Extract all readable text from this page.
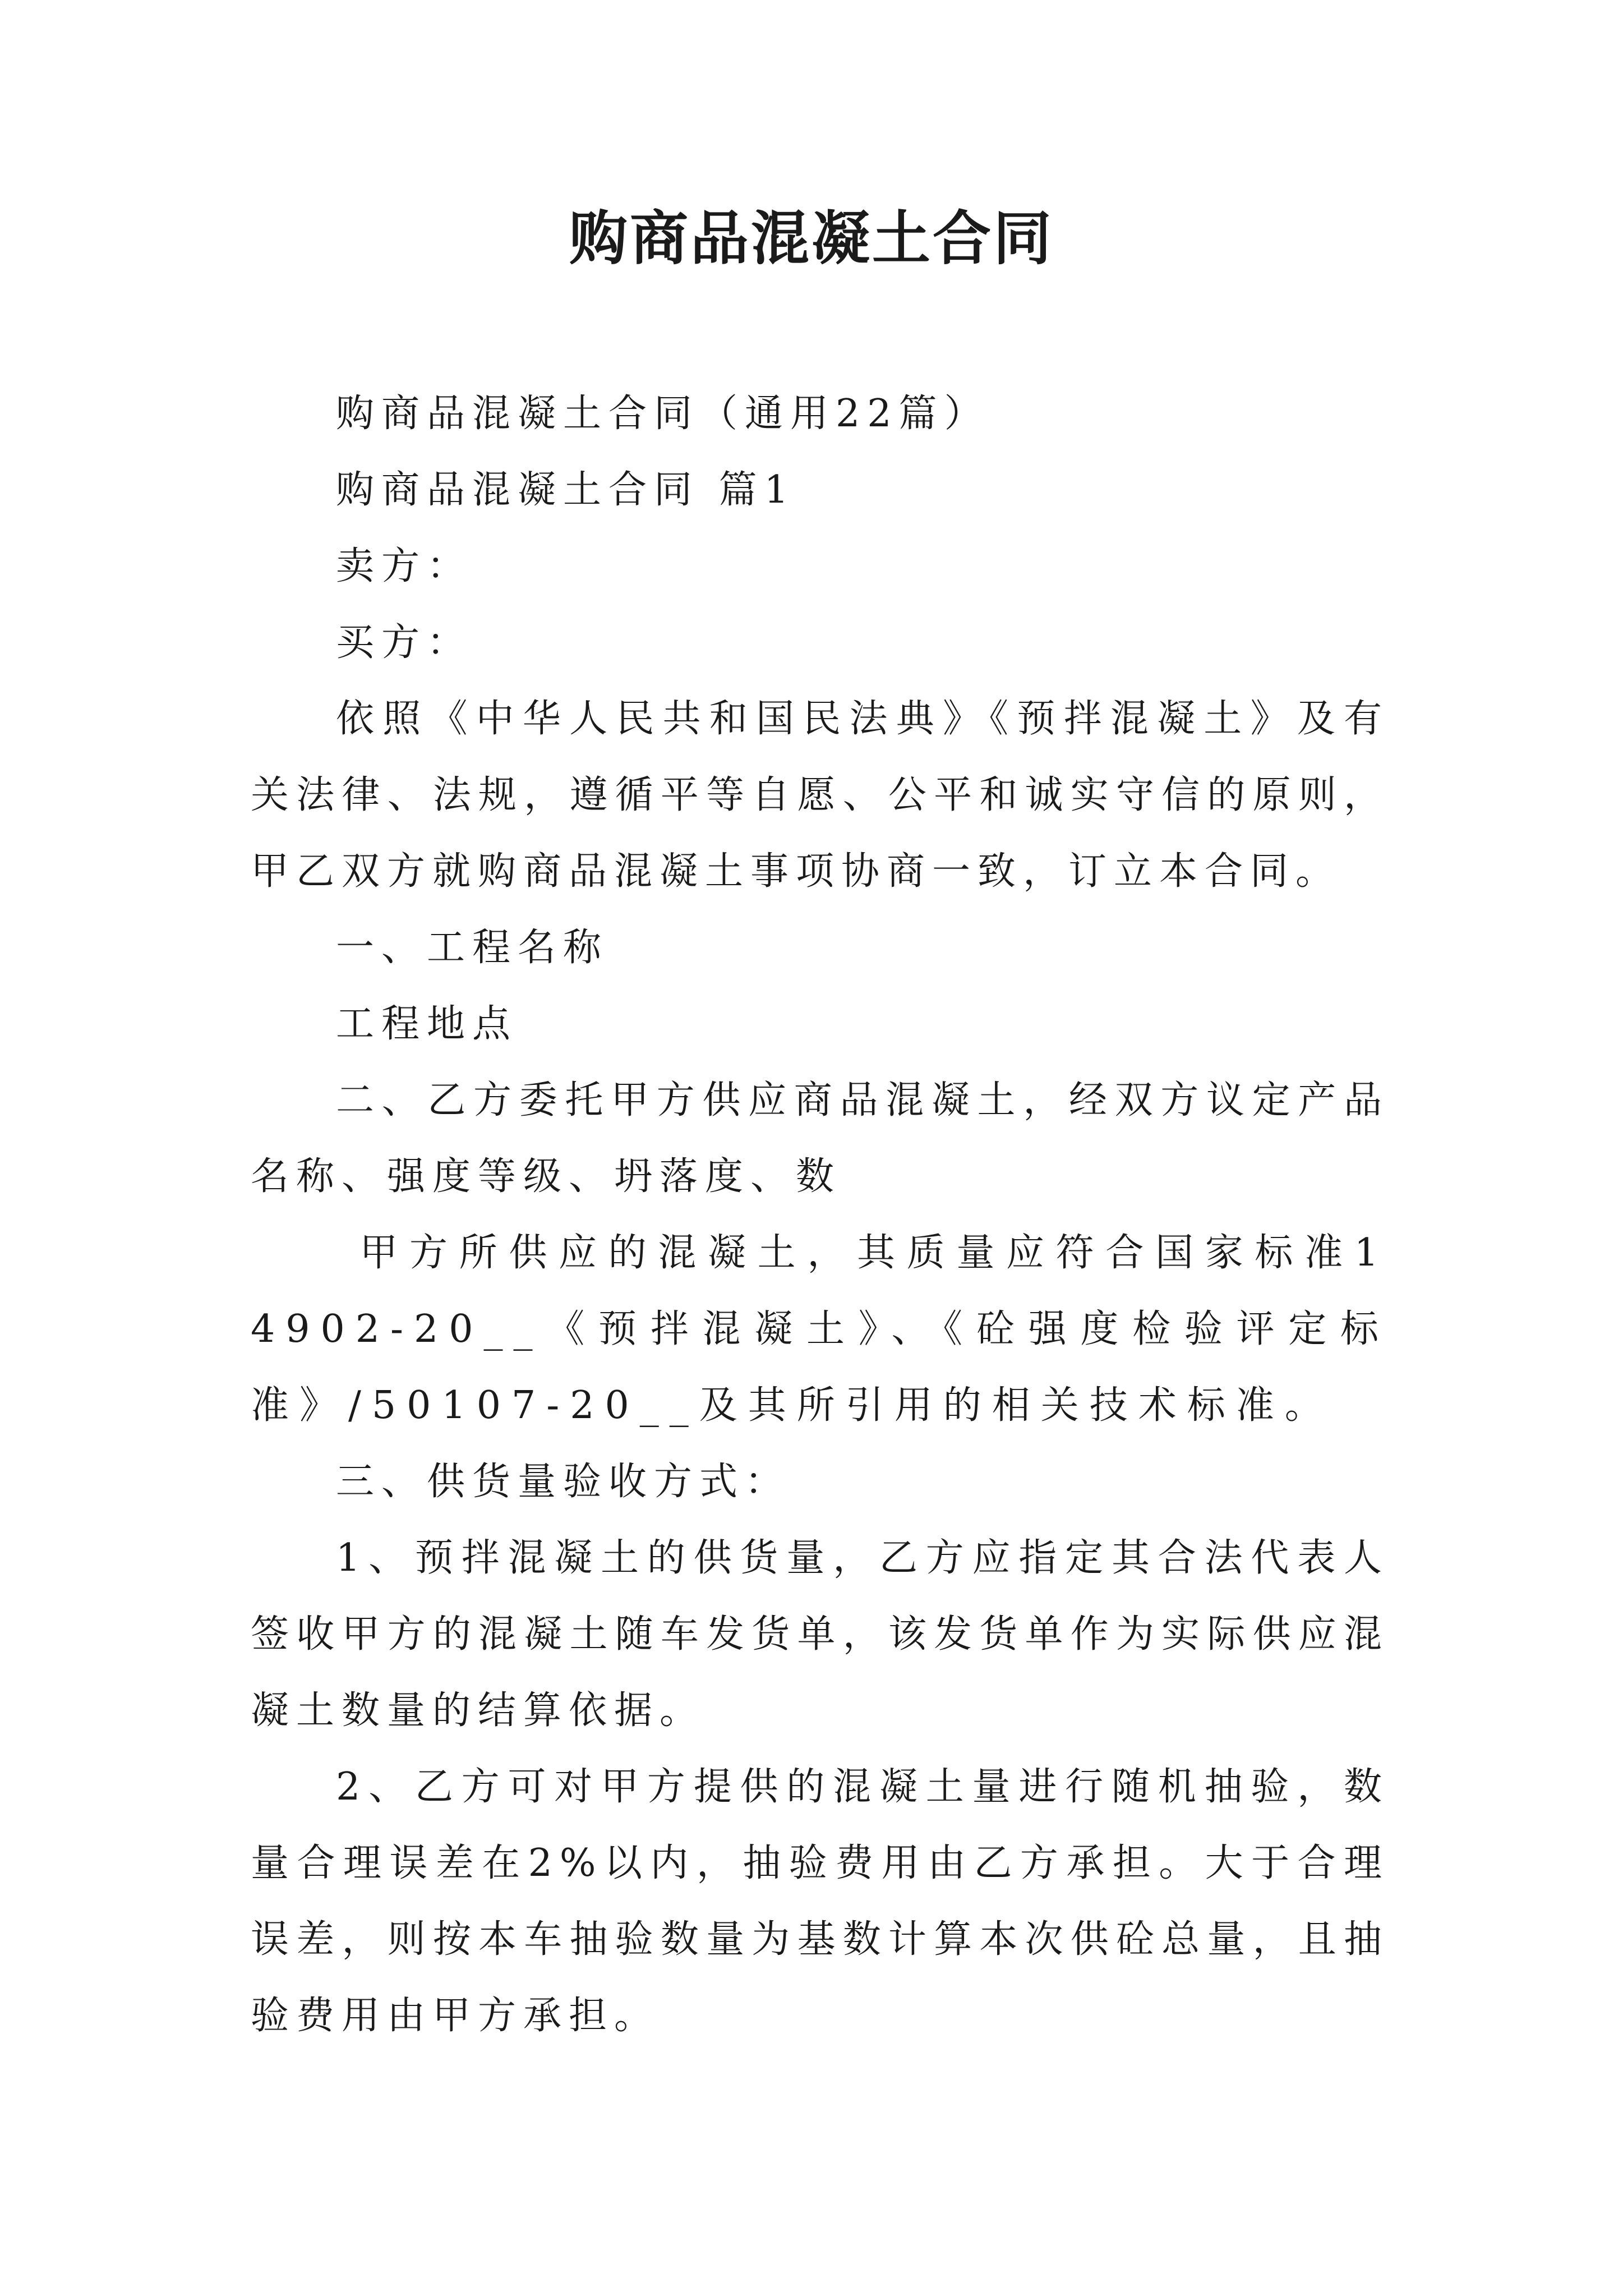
购商品混凝土合同

购商品混凝土合同（通用22篇）

购商品混凝土合同 篇1

卖方：

买方：

依照《中华人民共和国民法典》《预拌混凝土》及有关法律、法规，遵循平等自愿、公平和诚实守信的原则，甲乙双方就购商品混凝土事项协商一致，订立本合同。

一、工程名称

工程地点

二、乙方委托甲方供应商品混凝土，经双方议定产品名称、强度等级、坍落度、数

甲方所供应的混凝土，其质量应符合国家标准14902-20__《预拌混凝土》、《砼强度检验评定标准》/50107-20__及其所引用的相关技术标准。

三、供货量验收方式：

1、预拌混凝土的供货量，乙方应指定其合法代表人签收甲方的混凝土随车发货单，该发货单作为实际供应混凝土数量的结算依据。

2、乙方可对甲方提供的混凝土量进行随机抽验，数量合理误差在2%以内，抽验费用由乙方承担。大于合理误差，则按本车抽验数量为基数计算本次供砼总量，且抽验费用由甲方承担。
